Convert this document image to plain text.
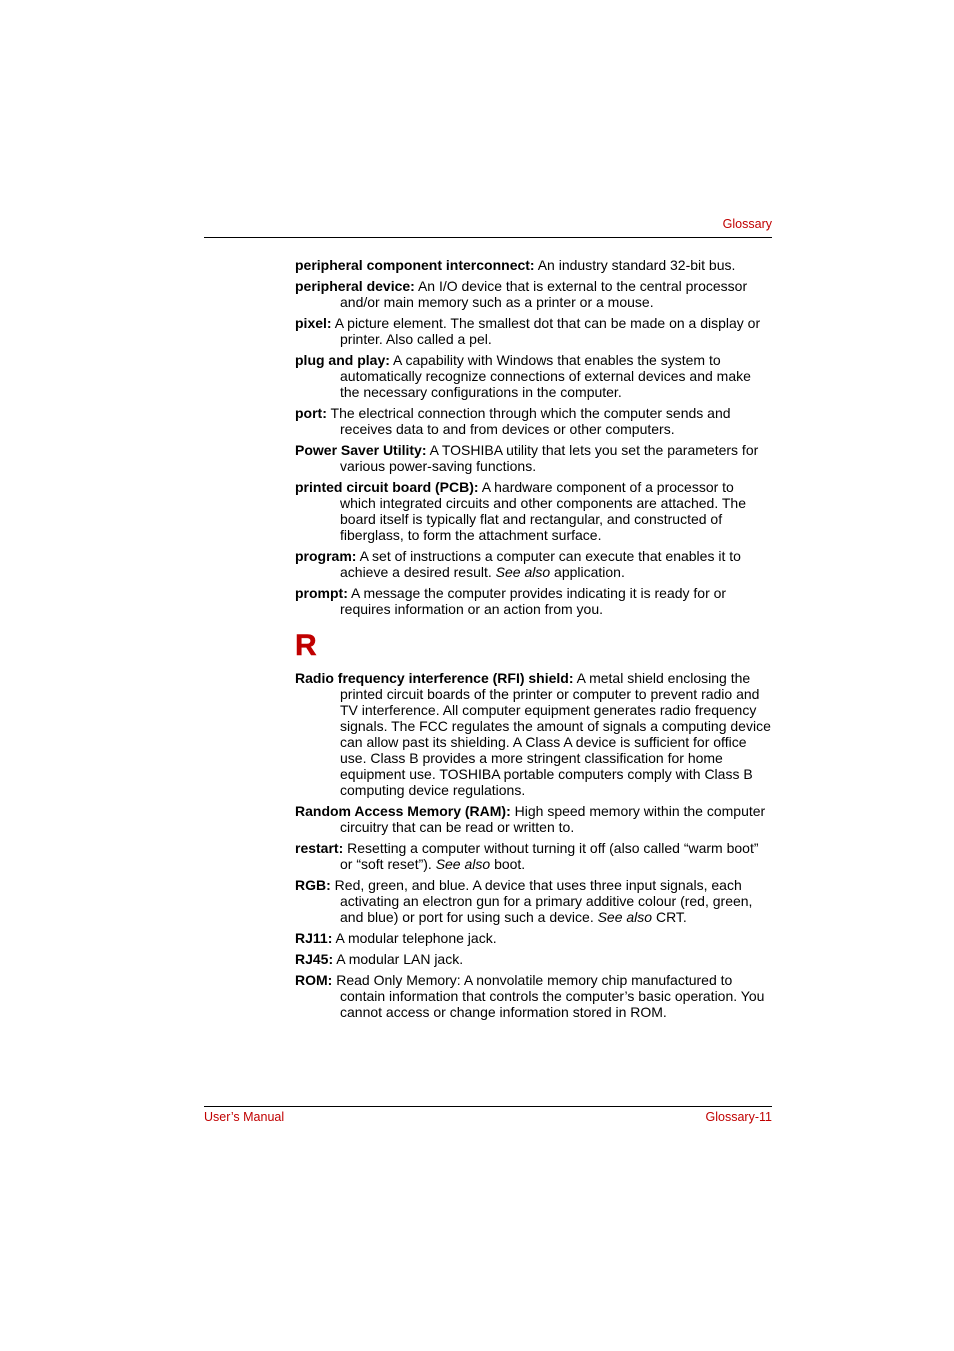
Glossary

peripheral component interconnect: An industry standard 32-bit bus.

peripheral device: An I/O device that is external to the central processor and/or main memory such as a printer or a mouse.

pixel: A picture element. The smallest dot that can be made on a display or printer. Also called a pel.

plug and play: A capability with Windows that enables the system to automatically recognize connections of external devices and make the necessary configurations in the computer.

port: The electrical connection through which the computer sends and receives data to and from devices or other computers.

Power Saver Utility: A TOSHIBA utility that lets you set the parameters for various power-saving functions.

printed circuit board (PCB): A hardware component of a processor to which integrated circuits and other components are attached. The board itself is typically flat and rectangular, and constructed of fiberglass, to form the attachment surface.

program: A set of instructions a computer can execute that enables it to achieve a desired result. See also application.

prompt: A message the computer provides indicating it is ready for or requires information or an action from you.

R

Radio frequency interference (RFI) shield: A metal shield enclosing the printed circuit boards of the printer or computer to prevent radio and TV interference. All computer equipment generates radio frequency signals. The FCC regulates the amount of signals a computing device can allow past its shielding. A Class A device is sufficient for office use. Class B provides a more stringent classification for home equipment use. TOSHIBA portable computers comply with Class B computing device regulations.

Random Access Memory (RAM): High speed memory within the computer circuitry that can be read or written to.

restart: Resetting a computer without turning it off (also called “warm boot” or “soft reset”). See also boot.

RGB: Red, green, and blue. A device that uses three input signals, each activating an electron gun for a primary additive colour (red, green, and blue) or port for using such a device. See also CRT.

RJ11: A modular telephone jack.

RJ45: A modular LAN jack.

ROM: Read Only Memory: A nonvolatile memory chip manufactured to contain information that controls the computer’s basic operation. You cannot access or change information stored in ROM.

User’s Manual	Glossary-11
